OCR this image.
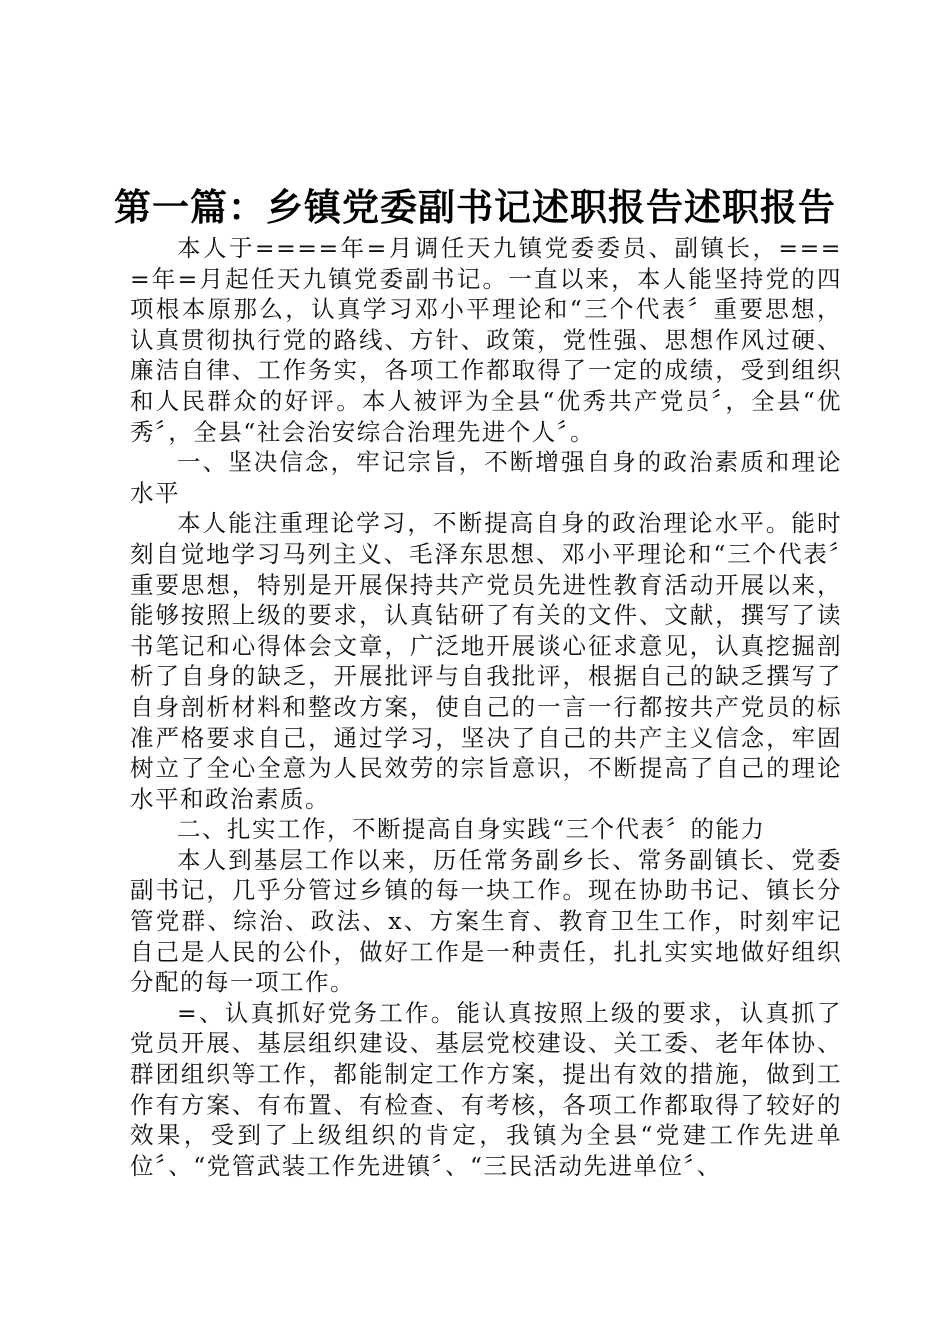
第一篇：乡镇党委副书记述职报告述职报告

本人于====年=月调任天九镇党委委员、副镇长，====年=月起任天九镇党委副书记。一直以来，本人能坚持党的四项根本原那么，认真学习邓小平理论和“三个代表〞重要思想，认真贯彻执行党的路线、方针、政策，党性强、思想作风过硬、廉洁自律、工作务实，各项工作都取得了一定的成绩，受到组织和人民群众的好评。本人被评为全县“优秀共产党员〞，全县“优秀〞，全县“社会治安综合治理先进个人〞。

一、坚决信念，牢记宗旨，不断增强自身的政治素质和理论水平

本人能注重理论学习，不断提高自身的政治理论水平。能时刻自觉地学习马列主义、毛泽东思想、邓小平理论和“三个代表〞重要思想，特别是开展保持共产党员先进性教育活动开展以来，能够按照上级的要求，认真钻研了有关的文件、文献，撰写了读书笔记和心得体会文章，广泛地开展谈心征求意见，认真挖掘剖析了自身的缺乏，开展批评与自我批评，根据自己的缺乏撰写了自身剖析材料和整改方案，使自己的一言一行都按共产党员的标准严格要求自己，通过学习，坚决了自己的共产主义信念，牢固树立了全心全意为人民效劳的宗旨意识，不断提高了自己的理论水平和政治素质。

二、扎实工作，不断提高自身实践“三个代表〞的能力

本人到基层工作以来，历任常务副乡长、常务副镇长、党委副书记，几乎分管过乡镇的每一块工作。现在协助书记、镇长分管党群、综治、政法、x、方案生育、教育卫生工作，时刻牢记自己是人民的公仆，做好工作是一种责任，扎扎实实地做好组织分配的每一项工作。

=、认真抓好党务工作。能认真按照上级的要求，认真抓了党员开展、基层组织建设、基层党校建设、关工委、老年体协、群团组织等工作，都能制定工作方案，提出有效的措施，做到工作有方案、有布置、有检查、有考核，各项工作都取得了较好的效果，受到了上级组织的肯定，我镇为全县“党建工作先进单位〞、“党管武装工作先进镇〞、“三民活动先进单位〞、
